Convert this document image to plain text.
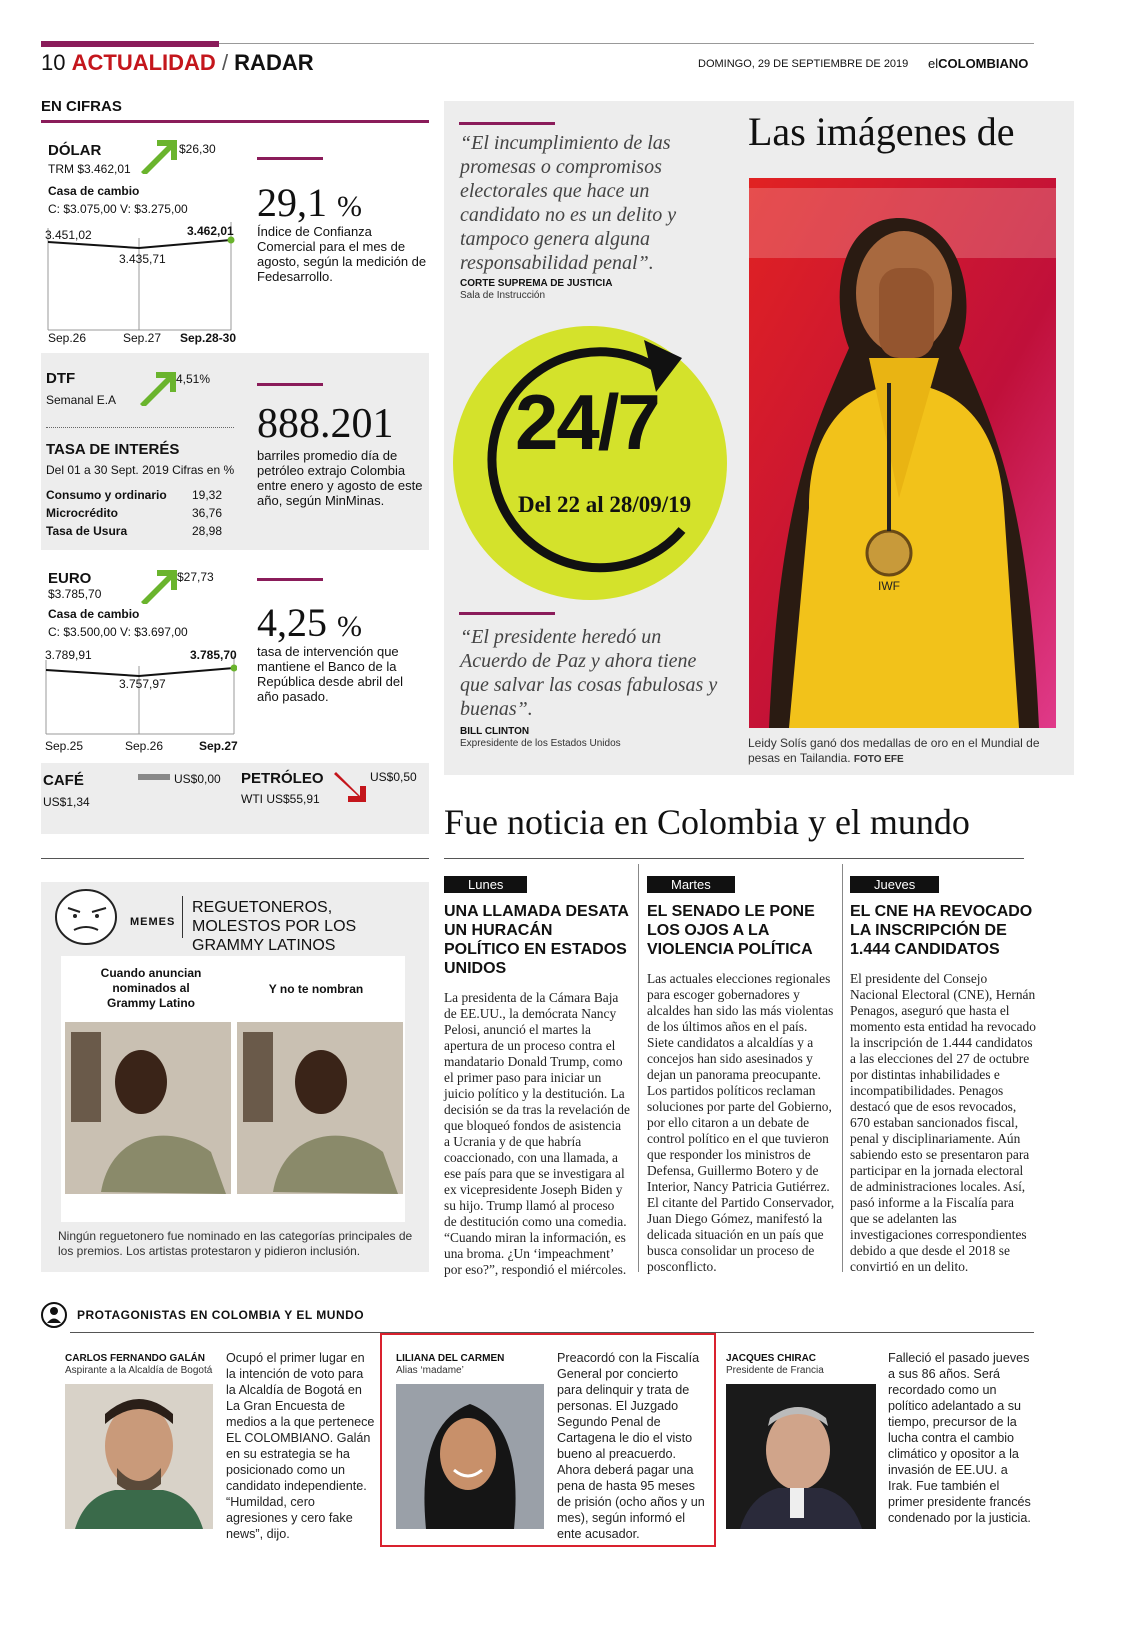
10 ACTUALIDAD / RADAR	DOMINGO, 29 DE SEPTIEMBRE DE 2019 elCOLOMBIANO
EN CIFRAS
DÓLAR
TRM $3.462,01
$26,30
Casa de cambio
C: $3.075,00 V: $3.275,00
3.451,02
3.435,71
3.462,01
Sep.26	Sep.27 Sep.28-30
29,1 %
Índice de Confianza Comercial para el mes de agosto, según la medición de Fedesarrollo.
DTF
Semanal E.A
4,51%
TASA DE INTERÉS
Del 01 a 30 Sept. 2019 Cifras en %
Consumo y ordinario 19,32
Microcrédito	36,76
Tasa de Usura	28,98
888.201
barriles promedio día de petróleo extrajo Colombia entre enero y agosto de este año, según MinMinas.
EURO
$3.785,70
$27,73
Casa de cambio
C: $3.500,00 V: $3.697,00
3.789,91
3.757,97
3.785,70
Sep.25	Sep.26	Sep.27
4,25 %
tasa de intervención que mantiene el Banco de la República desde abril del año pasado.
CAFÉ
US$1,34
US$0,00 PETRÓLEO
WTI US$55,91
US$0,50
“El incumplimiento de las promesas o compromisos electorales que hace un candidato no es un delito y tampoco genera alguna responsabilidad penal”.
CORTE SUPREMA DE JUSTICIA
Sala de Instrucción
24/7
Del 22 al 28/09/19
“El presidente heredó un Acuerdo de Paz y ahora tiene que salvar las cosas fabulosas y buenas”.
BILL CLINTON
Expresidente de los Estados Unidos
Las imágenes de
IWF
Leidy Solís ganó dos medallas de oro en el Mundial de pesas en Tailandia. FOTO EFE
MEMES
REGUETONEROS, MOLESTOS POR LOS GRAMMY LATINOS
Cuando anuncian nominados al Grammy Latino
Y no te nombran
Ningún reguetonero fue nominado en las categorías principales de los premios. Los artistas protestaron y pidieron inclusión.
Fue noticia en Colombia y el mundo
Lunes
UNA LLAMADA DESATA UN HURACÁN POLÍTICO EN ESTADOS UNIDOS
La presidenta de la Cámara Baja de EE.UU., la demócrata Nancy Pelosi, anunció el martes la apertura de un proceso contra el mandatario Donald Trump, como el primer paso para iniciar un juicio político y la destitución. La decisión se da tras la revelación de que bloqueó fondos de asistencia a Ucrania y de que habría coaccionado, con una llamada, a ese país para que se investigara al ex vicepresidente Joseph Biden y su hijo. Trump llamó al proceso de destitución como una comedia. “Cuando miran la información, es una broma. ¿Un ‘impeachment’ por eso?”, respondió el miércoles.
Martes
EL SENADO LE PONE LOS OJOS A LA VIOLENCIA POLÍTICA
Las actuales elecciones regionales para escoger gobernadores y alcaldes han sido las más violentas de los últimos años en el país. Siete candidatos a alcaldías y a concejos han sido asesinados y dejan un panorama preocupante. Los partidos políticos reclaman soluciones por parte del Gobierno, por ello citaron a un debate de control político en el que tuvieron que responder los ministros de Defensa, Guillermo Botero y de Interior, Nancy Patricia Gutiérrez. El citante del Partido Conservador, Juan Diego Gómez, manifestó la delicada situación en un país que busca consolidar un proceso de posconflicto.
Jueves
EL CNE HA REVOCADO LA INSCRIPCIÓN DE 1.444 CANDIDATOS
El presidente del Consejo Nacional Electoral (CNE), Hernán Penagos, aseguró que hasta el momento esta entidad ha revocado la inscripción de 1.444 candidatos a las elecciones del 27 de octubre por distintas inhabilidades e incompatibilidades. Penagos destacó que de esos revocados, 670 estaban sancionados fiscal, penal y disciplinariamente. Aún sabiendo esto se presentaron para participar en la jornada electoral de administraciones locales. Así, pasó informe a la Fiscalía para que se adelanten las investigaciones correspondientes debido a que desde el 2018 se convirtió en un delito.
PROTAGONISTAS EN COLOMBIA Y EL MUNDO
CARLOS FERNANDO GALÁN
Aspirante a la Alcaldía de Bogotá
Ocupó el primer lugar en la intención de voto para la Alcaldía de Bogotá en La Gran Encuesta de medios a la que pertenece EL COLOMBIANO. Galán en su estrategia se ha posicionado como un candidato independiente. “Humildad, cero agresiones y cero fake news”, dijo.
LILIANA DEL CARMEN
Alias ‘madame’
Preacordó con la Fiscalía General por concierto para delinquir y trata de personas. El Juzgado Segundo Penal de Cartagena le dio el visto bueno al preacuerdo. Ahora deberá pagar una pena de hasta 95 meses de prisión (ocho años y un mes), según informó el ente acusador.
JACQUES CHIRAC
Presidente de Francia
Falleció el pasado jueves a sus 86 años. Será recordado como un político adelantado a su tiempo, precursor de la lucha contra el cambio climático y opositor a la invasión de EE.UU. a Irak. Fue también el primer presidente francés condenado por la justicia.
